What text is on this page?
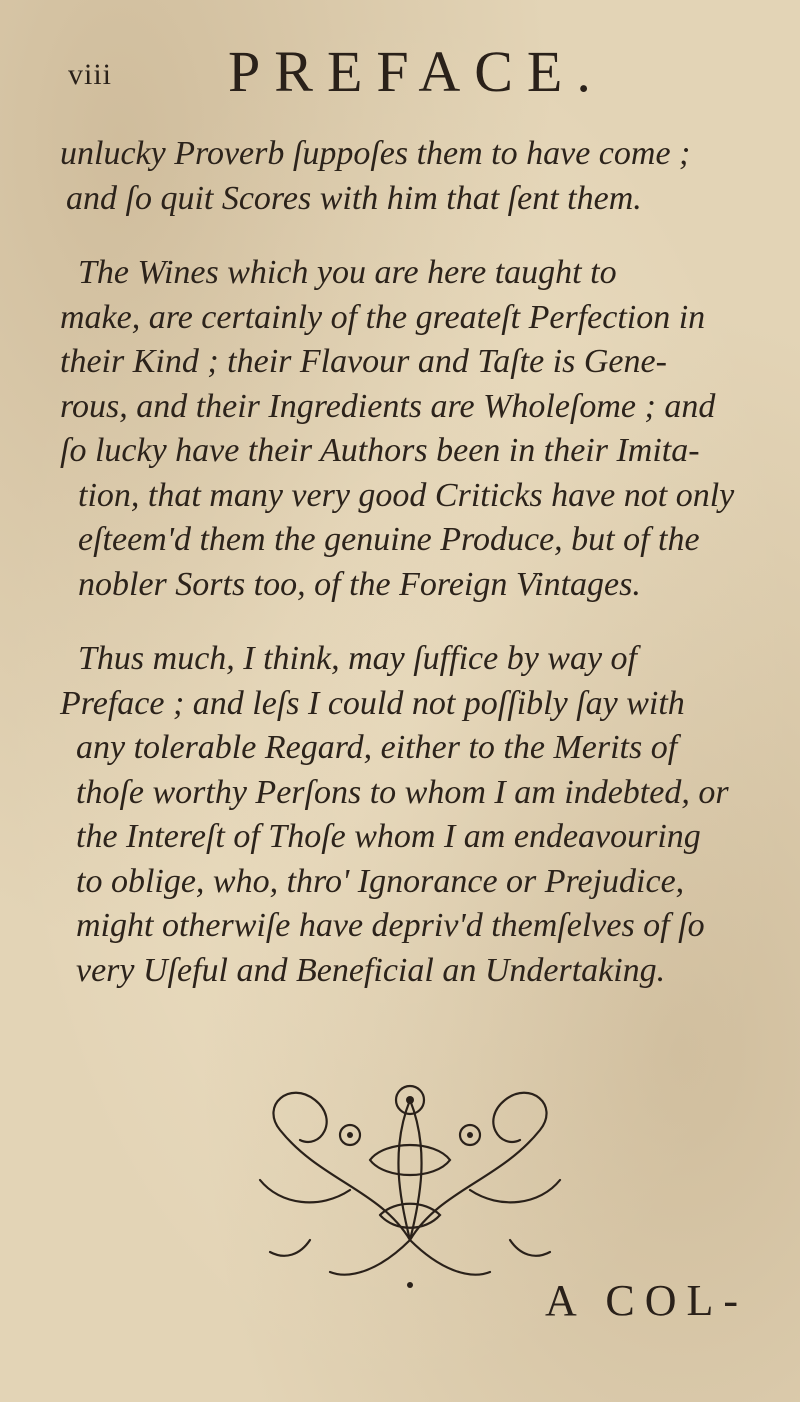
viii PREFACE.

unlucky Proverb ſuppoſes them to have come ;
and ſo quit Scores with him that ſent them.

The Wines which you are here taught to
make, are certainly of the greateſt Perfection in
their Kind ; their Flavour and Taſte is Gene-
rous, and their Ingredients are Wholeſome ; and
ſo lucky have their Authors been in their Imita-
tion, that many very good Criticks have not only
eſteem'd them the genuine Produce, but of the
nobler Sorts too, of the Foreign Vintages.

Thus much, I think, may ſuffice by way of
Preface ; and leſs I could not poſſibly ſay with
any tolerable Regard, either to the Merits of
thoſe worthy Perſons to whom I am indebted, or
the Intereſt of Thoſe whom I am endeavouring
to oblige, who, thro' Ignorance or Prejudice,
might otherwiſe have depriv'd themſelves of ſo
very Uſeful and Beneficial an Undertaking.

A COL-
